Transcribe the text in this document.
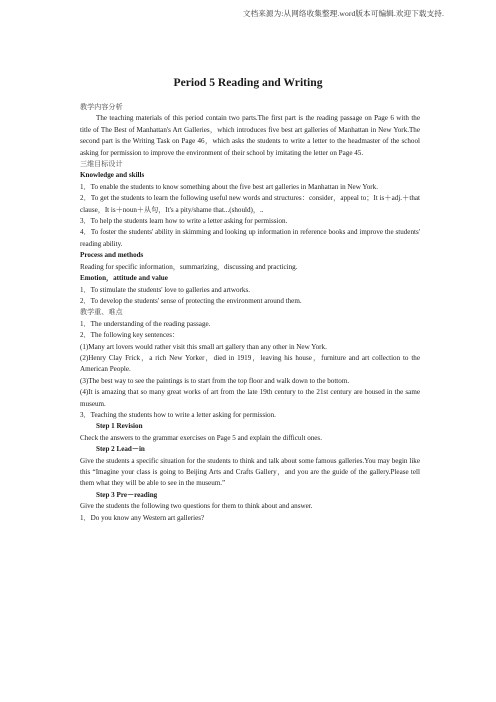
文档来源为:从网络收集整理.word版本可编辑.欢迎下载支持.
Period 5 Reading and Writing

教学内容分析

The teaching materials of this period contain two parts.The first part is the reading passage on Page 6 with the title of The Best of Manhattan's Art Galleries，which introduces five best art galleries of Manhattan in New York.The second part is the Writing Task on Page 46，which asks the students to write a letter to the headmaster of the school asking for permission to improve the environment of their school by imitating the letter on Page 45.

三维目标设计

Knowledge and skills

1．To enable the students to know something about the five best art galleries in Manhattan in New York.

2．To get the students to learn the following useful new words and structures：consider，appeal to；It is＋adj.＋that clause，It is＋noun＋从句，It's a pity/shame that...(should)，..

3．To help the students learn how to write a letter asking for permission.

4．To foster the students' ability in skimming and looking up information in reference books and improve the students' reading ability.

Process and methods

Reading for specific information，summarizing，discussing and practicing.

Emotion，attitude and value

1．To stimulate the students' love to galleries and artworks.

2．To develop the students' sense of protecting the environment around them.

教学重、难点

1．The understanding of the reading passage.

2．The following key sentences：

(1)Many art lovers would rather visit this small art gallery than any other in New York.

(2)Henry Clay Frick，a rich New Yorker，died in 1919，leaving his house，furniture and art collection to the American People.

(3)The best way to see the paintings is to start from the top floor and walk down to the bottom.

(4)It is amazing that so many great works of art from the late 19th century to the 21st century are housed in the same museum.

3．Teaching the students how to write a letter asking for permission.

Step 1 Revision

Check the answers to the grammar exercises on Page 5 and explain the difficult ones.

Step 2 Lead－in

Give the students a specific situation for the students to think and talk about some famous galleries.You may begin like this “Imagine your class is going to Beijing Arts and Crafts Gallery，and you are the guide of the gallery.Please tell them what they will be able to see in the museum.”

Step 3 Pre－reading

Give the students the following two questions for them to think about and answer.

1．Do you know any Western art galleries?
